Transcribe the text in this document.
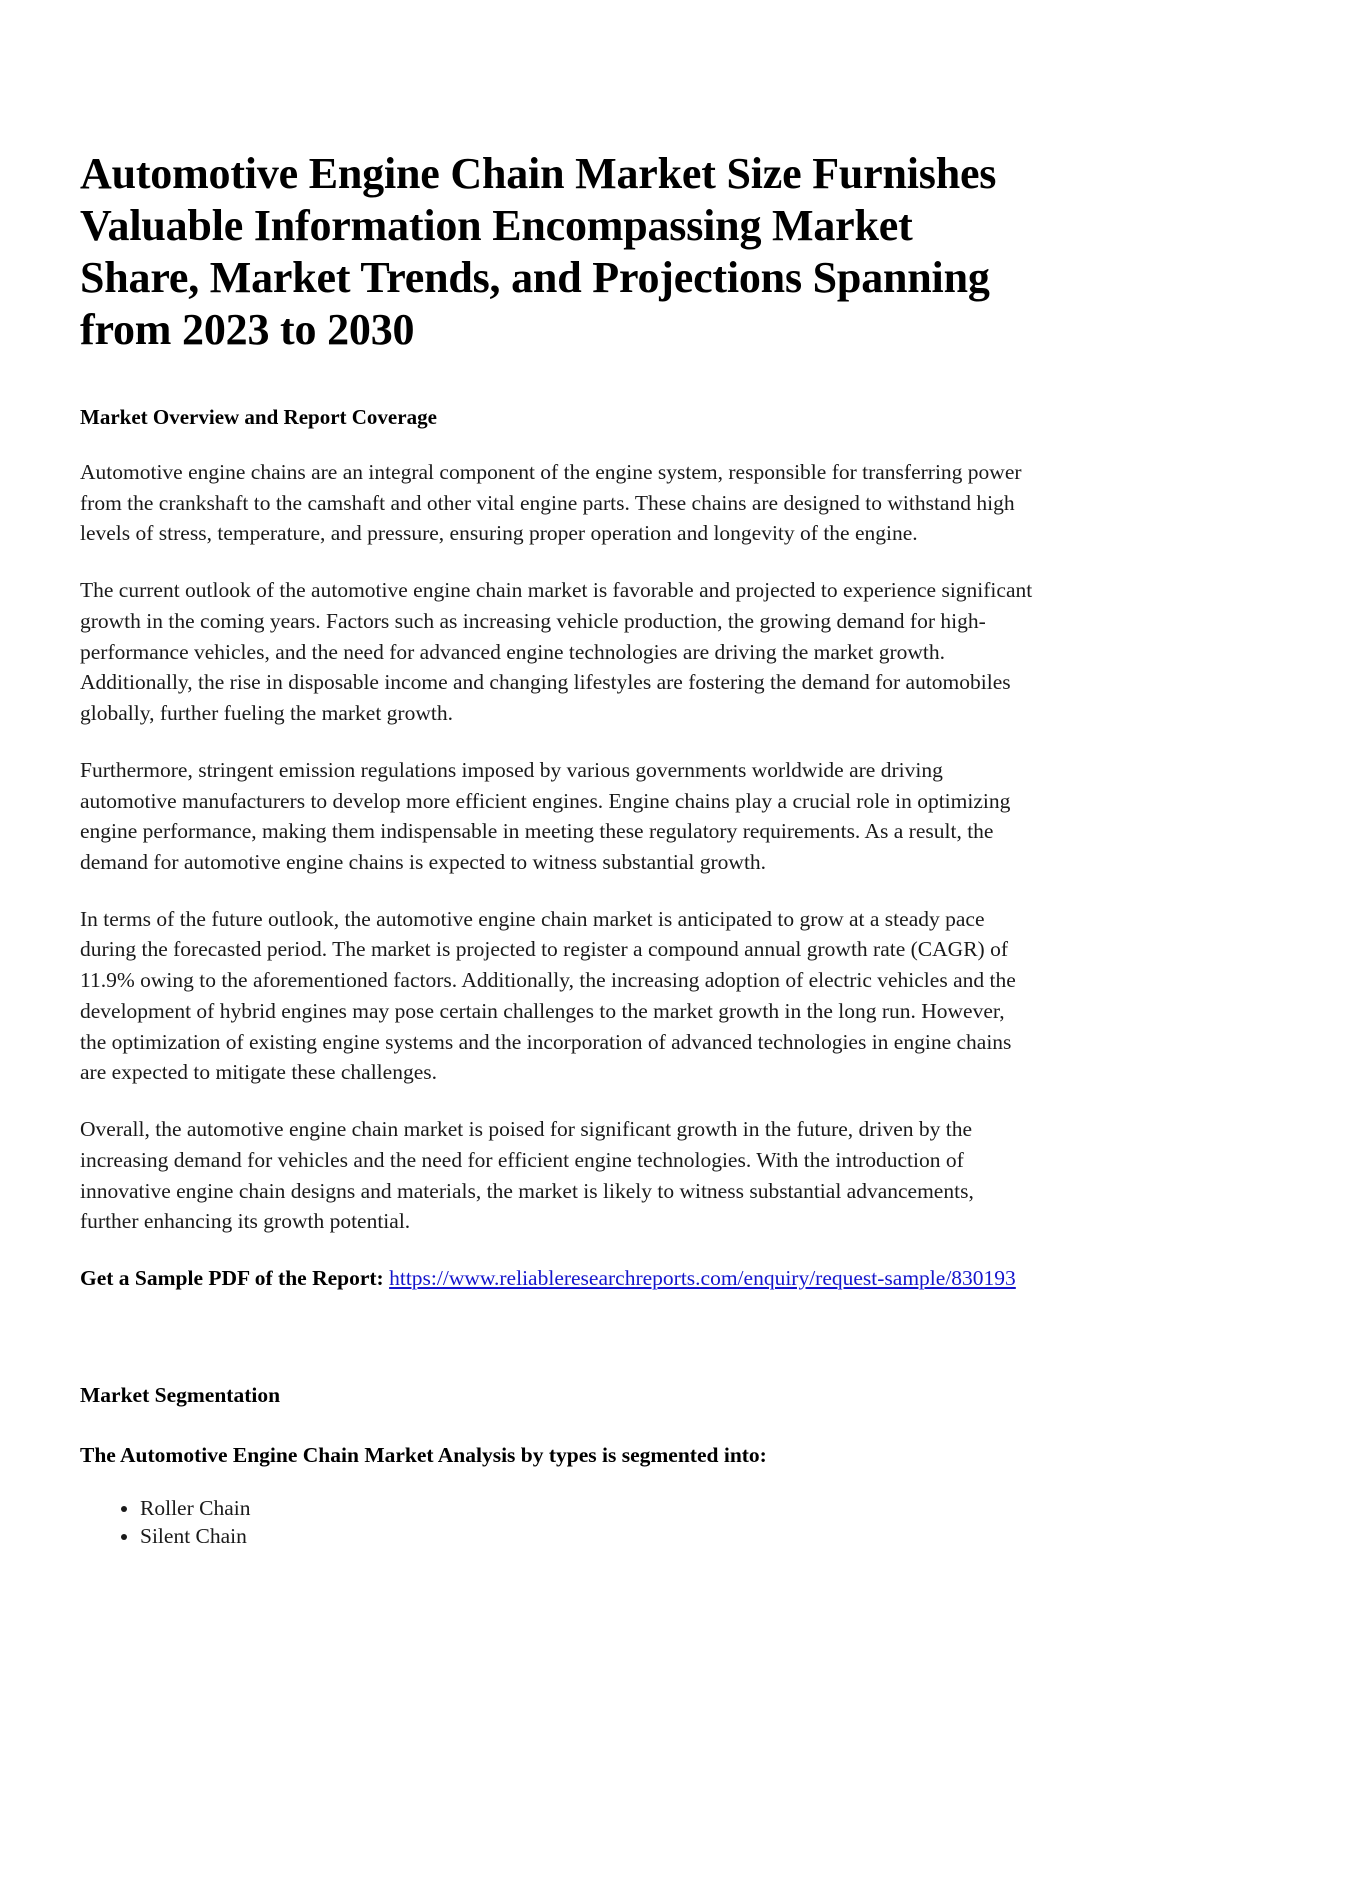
Automotive Engine Chain Market Size Furnishes Valuable Information Encompassing Market Share, Market Trends, and Projections Spanning from 2023 to 2030
Market Overview and Report Coverage

Automotive engine chains are an integral component of the engine system, responsible for transferring power from the crankshaft to the camshaft and other vital engine parts. These chains are designed to withstand high levels of stress, temperature, and pressure, ensuring proper operation and longevity of the engine.

The current outlook of the automotive engine chain market is favorable and projected to experience significant growth in the coming years. Factors such as increasing vehicle production, the growing demand for high-performance vehicles, and the need for advanced engine technologies are driving the market growth. Additionally, the rise in disposable income and changing lifestyles are fostering the demand for automobiles globally, further fueling the market growth.

Furthermore, stringent emission regulations imposed by various governments worldwide are driving automotive manufacturers to develop more efficient engines. Engine chains play a crucial role in optimizing engine performance, making them indispensable in meeting these regulatory requirements. As a result, the demand for automotive engine chains is expected to witness substantial growth.

In terms of the future outlook, the automotive engine chain market is anticipated to grow at a steady pace during the forecasted period. The market is projected to register a compound annual growth rate (CAGR) of 11.9% owing to the aforementioned factors. Additionally, the increasing adoption of electric vehicles and the development of hybrid engines may pose certain challenges to the market growth in the long run. However, the optimization of existing engine systems and the incorporation of advanced technologies in engine chains are expected to mitigate these challenges.

Overall, the automotive engine chain market is poised for significant growth in the future, driven by the increasing demand for vehicles and the need for efficient engine technologies. With the introduction of innovative engine chain designs and materials, the market is likely to witness substantial advancements, further enhancing its growth potential.

Get a Sample PDF of the Report: https://www.reliableresearchreports.com/enquiry/request-sample/830193

Market Segmentation
The Automotive Engine Chain Market Analysis by types is segmented into:
• Roller Chain
• Silent Chain
